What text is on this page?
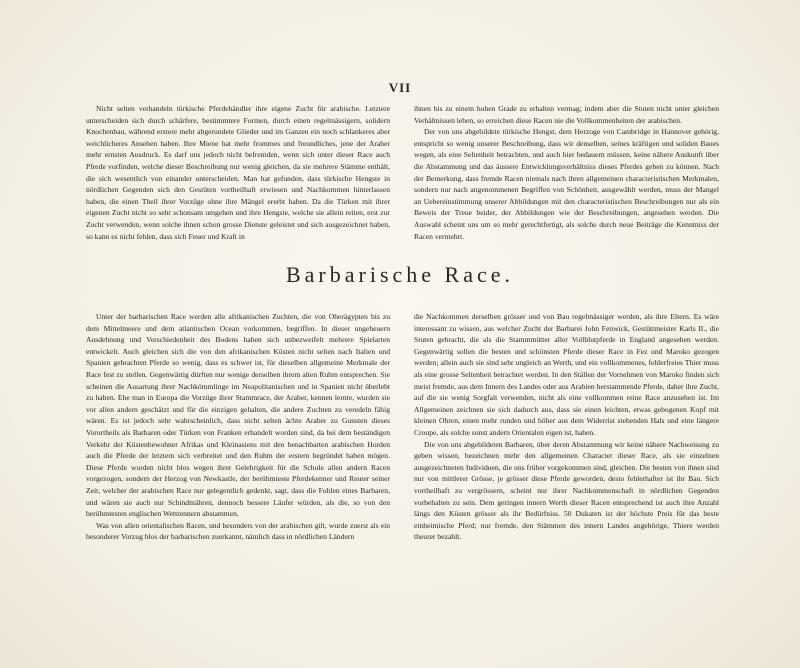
VII

Nicht selten verhandeln türkische Pferdehändler ihre eigene Zucht für arabische. Letztere unterscheiden sich durch schärfere, bestimmtere Formen, durch einen regelmässigern, solidern Knochenbau, während erstere mehr abgerundete Glieder und im Ganzen ein noch schlankeres aber weichlicheres Ansehen haben. Ihre Miene hat mehr frommes und freundliches, jene der Araber mehr ernsten Ausdruck. Es darf uns jedoch nicht befremden, wenn sich unter dieser Race auch Pferde vorfinden, welche dieser Beschreibung nur wenig gleichen, da sie mehrere Stämme enthält, die sich wesentlich von einander unterscheiden. Man hat gefunden, dass türkische Hengste in nördlichen Gegenden sich den Gestüten vortheilhaft erwiesen und Nachkommen hinterlassen haben, die einen Theil ihrer Vorzüge ohne ihre Mängel ererbt haben. Da die Türken mit ihrer eigenen Zucht nicht so sehr schonsam umgehen und ihre Hengste, welche sie allein reiten, erst zur Zucht verwenden, wenn solche ihnen schon grosse Dienste geleistet und sich ausgezeichnet haben, so kann es nicht fehlen, dass sich Feuer und Kraft in

ihnen bis zu einem hohen Grade zu erhalten vermag; indem aber die Stuten nicht unter gleichen Verhältnissen leben, so erreichen diese Racen nie die Vollkommenheiten der arabischen.

Der von uns abgebildete türkische Hengst, dem Herzoge von Cambridge in Hannover gehörig, entspricht so wenig unserer Beschreibung, dass wir denselben, seines kräftigen und soliden Baues wegen, als eine Seltenheit betrachten, und auch hier bedauern müssen, keine nähere Auskunft über die Abstammung und das äussere Entwicklungsverhältniss dieses Pferdes geben zu können. Nach der Bemerkung, dass fremde Racen niemals nach ihren allgemeinen characteristischen Merkmalen, sondern nur nach angenommenen Begriffen von Schönheit, ausgewählt werden, muss der Mangel an Uebereinstimmung unserer Abbildungen mit den characteristischen Beschreibungen nur als ein Beweis der Treue beider, der Abbildungen wie der Beschreibungen, angesehen werden. Die Auswahl scheint uns um so mehr gerechtfertigt, als solche durch neue Beiträge die Kenntniss der Racen vermehrt.

Barbarische Race.

Unter der barbarischen Race werden alle afrikanischen Zuchten, die von Oberägypten bis zu dem Mittelmeere und dem atlantischen Ocean vorkommen, begriffen. In dieser ungeheuern Ausdehnung und Verschiedenheit des Bodens haben sich unbezweifelt mehrere Spielarten entwickelt. Auch gleichen sich die von den afrikanischen Küsten nicht selten nach Italien und Spanien gebrachten Pferde so wenig, dass es schwer ist, für dieselben allgemeine Merkmale der Race fest zu stellen. Gegenwärtig dürften nur wenige derselben ihrem alten Ruhm entsprechen. Sie scheinen die Ausartung ihrer Nachkömmlinge im Neapolitanischen und in Spanien nicht überlebt zu haben. Ehe man in Europa die Vorzüge ihrer Stammrace, der Araber, kennen lernte, wurden sie vor allen andern geschätzt und für die einzigen gehalten, die andere Zuchten zu veredeln fähig wären. Es ist jedoch sehr wahrscheinlich, dass nicht selten ächte Araber zu Gunsten dieses Vorurtheils als Barbaren oder Türken von Franken erhandelt worden sind, da bei dem beständigen Verkehr der Küstenbewohner Afrikas und Kleinasiens mit den benachbarten arabischen Horden auch die Pferde der letztern sich verbreitet und den Ruhm der erstern begründet haben mögen. Diese Pferde wurden nicht blos wegen ihrer Gelehrigkeit für die Schule allen andern Racen vorgezogen, sondern der Herzog von Newkastle, der berühmteste Pferdekenner und Reuter seiner Zeit, welcher der arabischen Race nur gelegentlich gedenkt, sagt, dass die Fohlen eines Barbaren, und wären sie auch nur Schindmähren, dennoch bessere Läufer würden, als die, so von den berühmtesten englischen Wettrennern abstammen.

Was von allen orientalischen Racen, und besonders von der arabischen gilt, wurde zuerst als ein besonderer Vorzug blos der barbarischen zuerkannt, nämlich dass in nördlichen Ländern

die Nachkommen derselben grösser und von Bau regelmässiger werden, als ihre Eltern. Es wäre interessant zu wissen, aus welcher Zucht der Barbarei John Fenwick, Gestüttmeister Karls II., die Stuten gebracht, die als die Stammmütter aller Vollblutpferde in England angesehen werden. Gegenwärtig sollen die besten und schönsten Pferde dieser Race in Fez und Maroko gezogen werden; allein auch sie sind sehr ungleich an Werth, und ein vollkommenes, fehlerfreies Thier muss als eine grosse Seltenheit betrachtet werden. In den Ställen der Vornehmen von Maroko finden sich meist fremde, aus dem Innern des Landes oder aus Arabien herstammende Pferde, daher ihre Zucht, auf die sie wenig Sorgfalt verwenden, nicht als eine vollkommen reine Race anzusehen ist. Im Allgemeinen zeichnen sie sich dadurch aus, dass sie einen leichten, etwas gebogenen Kopf mit kleinen Ohren, einen mehr runden und höher aus dem Widerrist stehenden Hals und eine längere Croupe, als solche sonst andern Orientalen eigen ist, haben.

Die von uns abgebildeten Barbaren, über deren Abstammung wir keine nähere Nachweisung zu geben wissen, bezeichnen mehr den allgemeinen Character dieser Race, als sie einzelnen ausgezeichneten Individuen, die uns früher vorgekommen sind, gleichen. Die besten von ihnen sind nur von mittlerer Grösse, je grösser diese Pferde geworden, desto fehlerhafter ist ihr Bau. Sich vortheilhaft zu vergrössern, scheint nur ihrer Nachkommenschaft in nördlichen Gegenden vorbehalten zu sein. Dem geringen innern Werth dieser Racen entsprechend ist auch ihre Anzahl längs den Küsten grösser als ihr Bedürfniss. 50 Dukaten ist der höchste Preis für das beste einheimische Pferd; nur fremde, den Stämmen des innern Landes angehörige, Thiere werden theurer bezahlt.
